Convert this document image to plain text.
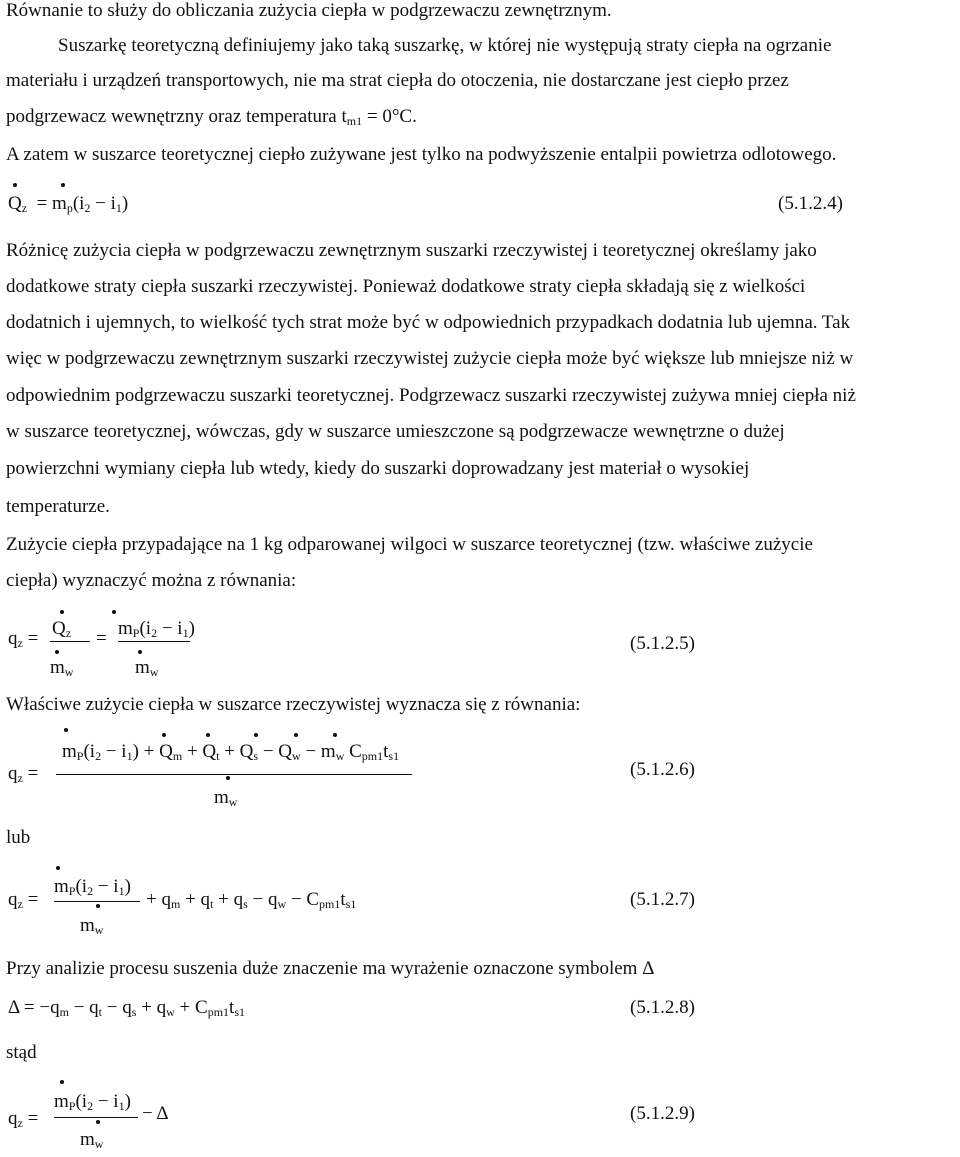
Równanie to służy do obliczania zużycia ciepła w podgrzewaczu zewnętrznym.
Suszarkę teoretyczną definiujemy jako taką suszarkę, w której nie występują straty ciepła na ogrzanie
materiału i urządzeń transportowych, nie ma strat ciepła do otoczenia, nie dostarczane jest ciepło przez
podgrzewacz wewnętrzny oraz temperatura $t_{m1} = 0^\circ C$.
A zatem w suszarce teoretycznej ciepło zużywane jest tylko na podwyższenie entalpii powietrza odlotowego.
$Q_z = m_p(i_2 - i_1)$	(5.1.2.4)
Różnicę zużycia ciepła w podgrzewaczu zewnętrznym suszarki rzeczywistej i teoretycznej określamy jako
dodatkowe straty ciepła suszarki rzeczywistej. Ponieważ dodatkowe straty ciepła składają się z wielkości
dodatnich i ujemnych, to wielkość tych strat może być w odpowiednich przypadkach dodatnia lub ujemna. Tak
więc w podgrzewaczu zewnętrznym suszarki rzeczywistej zużycie ciepła może być większe lub mniejsze niż w
odpowiednim podgrzewaczu suszarki teoretycznej. Podgrzewacz suszarki rzeczywistej zużywa mniej ciepła niż
w suszarce teoretycznej, wówczas, gdy w suszarce umieszczone są podgrzewacze wewnętrzne o dużej
powierzchni wymiany ciepła lub wtedy, kiedy do suszarki doprowadzany jest materiał o wysokiej
temperaturze.
Zużycie ciepła przypadające na 1 kg odparowanej wilgoci w suszarce teoretycznej (tzw. właściwe zużycie
ciepła) wyznaczyć można z równania:
$q_z = Q_z$
$m_w$
= $m_P(i_2 - i_1)$
$m_w$
(5.1.2.5)
Właściwe zużycie ciepła w suszarce rzeczywistej wyznacza się z równania:
$q_z$ =
$m_P(i_2 - i_1) + Q_m + Q_t + Q_s - Q_w - m_w$ $C_{pm1}t_{s1}$
$m_w$
(5.1.2.6)
lub
$q_z$ =
$m_P(i_2 - i_1)$
$m_w$
+ $q_m + q_t + q_s - q_w - C_{pm1}t_{s1}$	(5.1.2.7)
Przy analizie procesu suszenia duże znaczenie ma wyrażenie oznaczone symbolem Δ
$\Delta = -q_m - q_t - q_s + q_w + C_{pm1}t_{s1}$	(5.1.2.8)
stąd
$q_z$ =
$m_P(i_2 - i_1)$
$m_w$
− Δ	(5.1.2.9)
